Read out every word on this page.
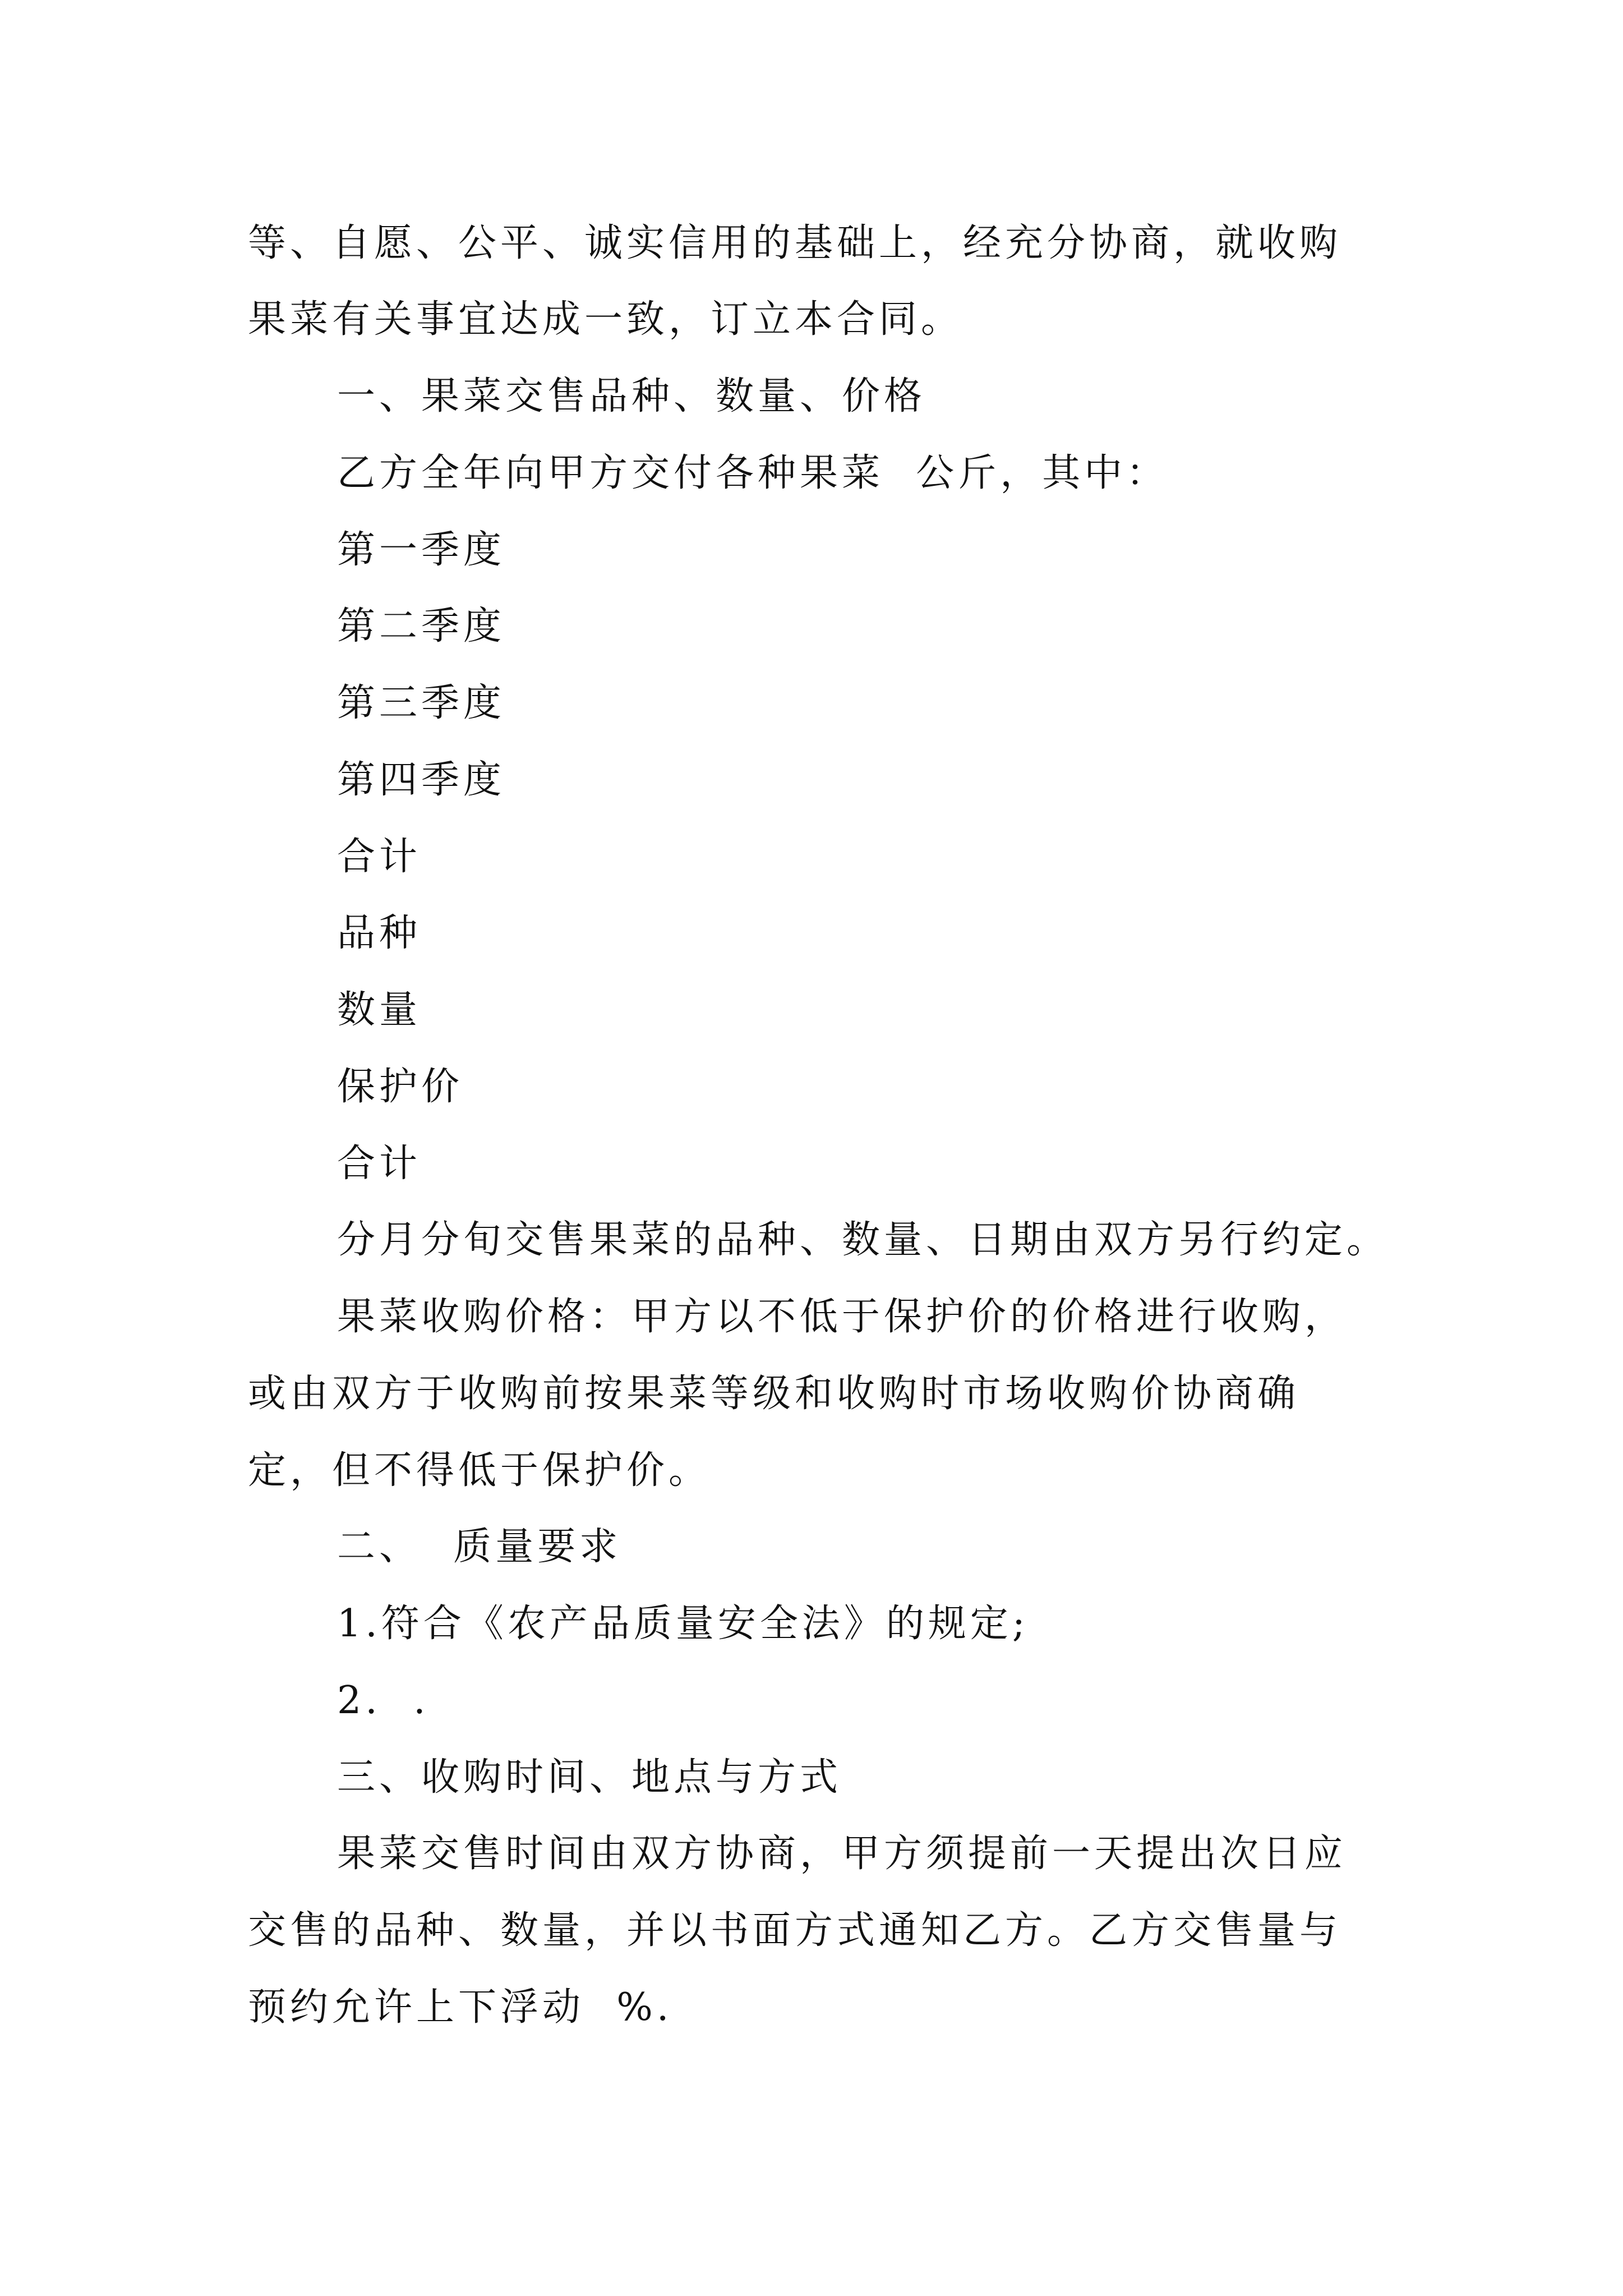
等、自愿、公平、诚实信用的基础上，经充分协商，就收购

果菜有关事宜达成一致，订立本合同。

一、果菜交售品种、数量、价格

乙方全年向甲方交付各种果菜  公斤，其中：

第一季度

第二季度

第三季度

第四季度

合计

品种

数量

保护价

合计

分月分旬交售果菜的品种、数量、日期由双方另行约定。

果菜收购价格：甲方以不低于保护价的价格进行收购，

或由双方于收购前按果菜等级和收购时市场收购价协商确

定，但不得低于保护价。

二、  质量要求

1.符合《农产品质量安全法》的规定;

2.  .

三、收购时间、地点与方式

果菜交售时间由双方协商，甲方须提前一天提出次日应

交售的品种、数量，并以书面方式通知乙方。乙方交售量与

预约允许上下浮动  %.
